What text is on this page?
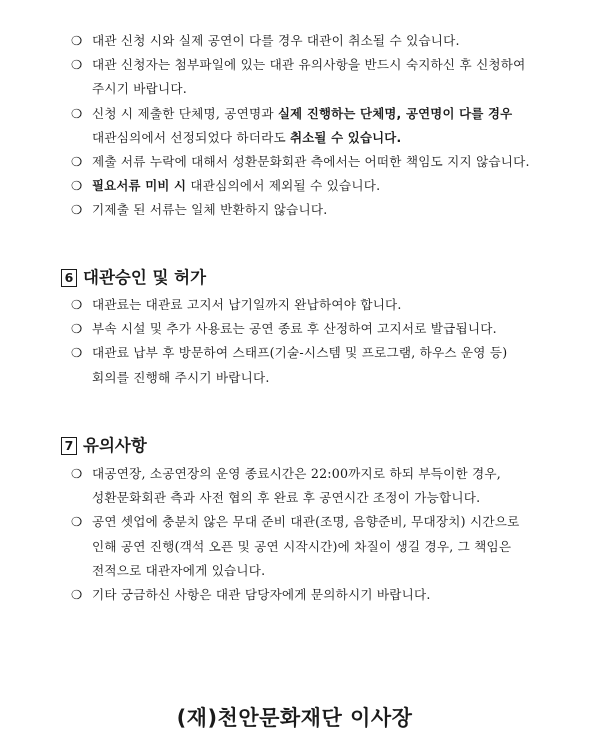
❍ 대관 신청 시와 실제 공연이 다를 경우 대관이 취소될 수 있습니다.
❍ 대관 신청자는 첨부파일에 있는 대관 유의사항을 반드시 숙지하신 후 신청하여 주시기 바랍니다.
❍ 신청 시 제출한 단체명, 공연명과 실제 진행하는 단체명, 공연명이 다를 경우 대관심의에서 선정되었다 하더라도 취소될 수 있습니다.
❍ 제출 서류 누락에 대해서 성환문화회관 측에서는 어떠한 책임도 지지 않습니다.
❍ 필요서류 미비 시 대관심의에서 제외될 수 있습니다.
❍ 기제출 된 서류는 일체 반환하지 않습니다.
6 대관승인 및 허가
❍ 대관료는 대관료 고지서 납기일까지 완납하여야 합니다.
❍ 부속 시설 및 추가 사용료는 공연 종료 후 산정하여 고지서로 발급됩니다.
❍ 대관료 납부 후 방문하여 스태프(기술-시스템 및 프로그램, 하우스 운영 등) 회의를 진행해 주시기 바랍니다.
7 유의사항
❍ 대공연장, 소공연장의 운영 종료시간은 22:00까지로 하되 부득이한 경우, 성환문화회관 측과 사전 협의 후 완료 후 공연시간 조정이 가능합니다.
❍ 공연 셋업에 충분치 않은 무대 준비 대관(조명, 음향준비, 무대장치) 시간으로 인해 공연 진행(객석 오픈 및 공연 시작시간)에 차질이 생길 경우, 그 책임은 전적으로 대관자에게 있습니다.
❍ 기타 궁금하신 사항은 대관 담당자에게 문의하시기 바랍니다.
(재)천안문화재단 이사장
